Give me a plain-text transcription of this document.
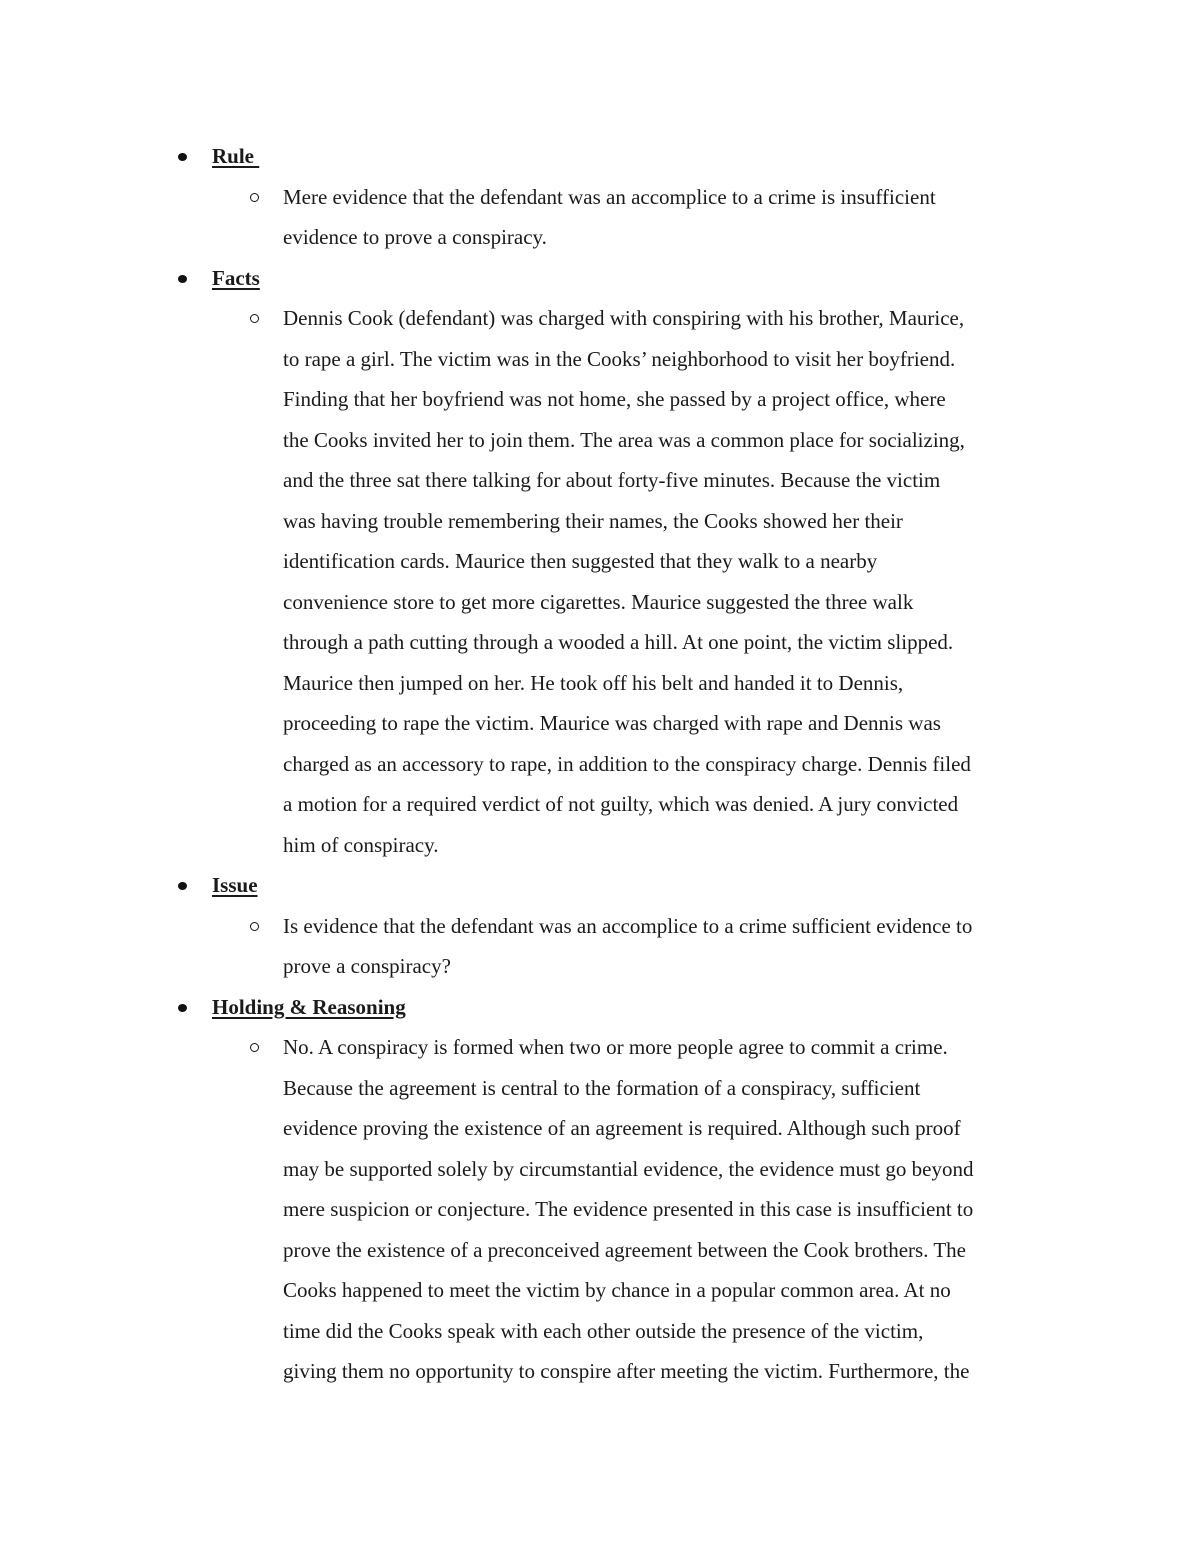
Rule

Mere evidence that the defendant was an accomplice to a crime is insufficient
evidence to prove a conspiracy.

Facts

Dennis Cook (defendant) was charged with conspiring with his brother, Maurice,
to rape a girl. The victim was in the Cooks’ neighborhood to visit her boyfriend.
Finding that her boyfriend was not home, she passed by a project office, where
the Cooks invited her to join them. The area was a common place for socializing,
and the three sat there talking for about forty-five minutes. Because the victim
was having trouble remembering their names, the Cooks showed her their
identification cards. Maurice then suggested that they walk to a nearby
convenience store to get more cigarettes. Maurice suggested the three walk
through a path cutting through a wooded a hill. At one point, the victim slipped.
Maurice then jumped on her. He took off his belt and handed it to Dennis,
proceeding to rape the victim. Maurice was charged with rape and Dennis was
charged as an accessory to rape, in addition to the conspiracy charge. Dennis filed
a motion for a required verdict of not guilty, which was denied. A jury convicted
him of conspiracy.

Issue

Is evidence that the defendant was an accomplice to a crime sufficient evidence to
prove a conspiracy?

Holding & Reasoning

No. A conspiracy is formed when two or more people agree to commit a crime.
Because the agreement is central to the formation of a conspiracy, sufficient
evidence proving the existence of an agreement is required. Although such proof
may be supported solely by circumstantial evidence, the evidence must go beyond
mere suspicion or conjecture. The evidence presented in this case is insufficient to
prove the existence of a preconceived agreement between the Cook brothers. The
Cooks happened to meet the victim by chance in a popular common area. At no
time did the Cooks speak with each other outside the presence of the victim,
giving them no opportunity to conspire after meeting the victim. Furthermore, the
